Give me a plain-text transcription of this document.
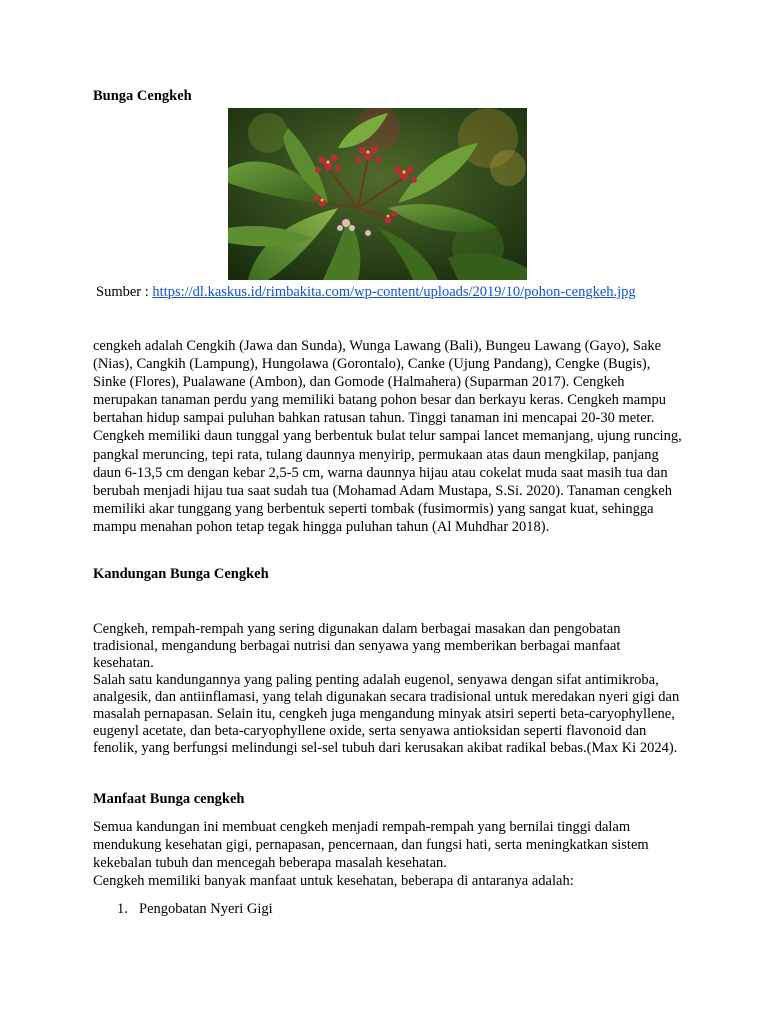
Bunga Cengkeh
Sumber : https://dl.kaskus.id/rimbakita.com/wp-content/uploads/2019/10/pohon-cengkeh.jpg

cengkeh adalah Cengkih (Jawa dan Sunda), Wunga Lawang (Bali), Bungeu Lawang (Gayo), Sake (Nias), Cangkih (Lampung), Hungolawa (Gorontalo), Canke (Ujung Pandang), Cengke (Bugis), Sinke (Flores), Pualawane (Ambon), dan Gomode (Halmahera) (Suparman 2017). Cengkeh merupakan tanaman perdu yang memiliki batang pohon besar dan berkayu keras. Cengkeh mampu bertahan hidup sampai puluhan bahkan ratusan tahun. Tinggi tanaman ini mencapai 20-30 meter. Cengkeh memiliki daun tunggal yang berbentuk bulat telur sampai lancet memanjang, ujung runcing, pangkal meruncing, tepi rata, tulang daunnya menyirip, permukaan atas daun mengkilap, panjang daun 6-13,5 cm dengan kebar 2,5-5 cm, warna daunnya hijau atau cokelat muda saat masih tua dan berubah menjadi hijau tua saat sudah tua (Mohamad Adam Mustapa, S.Si. 2020). Tanaman cengkeh memiliki akar tunggang yang berbentuk seperti tombak (fusimormis) yang sangat kuat, sehingga mampu menahan pohon tetap tegak hingga puluhan tahun (Al Muhdhar 2018).

Kandungan Bunga Cengkeh

Cengkeh, rempah-rempah yang sering digunakan dalam berbagai masakan dan pengobatan tradisional, mengandung berbagai nutrisi dan senyawa yang memberikan berbagai manfaat kesehatan.

Salah satu kandungannya yang paling penting adalah eugenol, senyawa dengan sifat antimikroba, analgesik, dan antiinflamasi, yang telah digunakan secara tradisional untuk meredakan nyeri gigi dan masalah pernapasan. Selain itu, cengkeh juga mengandung minyak atsiri seperti beta-caryophyllene, eugenyl acetate, dan beta-caryophyllene oxide, serta senyawa antioksidan seperti flavonoid dan fenolik, yang berfungsi melindungi sel-sel tubuh dari kerusakan akibat radikal bebas.(Max Ki 2024).

Manfaat Bunga cengkeh

Semua kandungan ini membuat cengkeh menjadi rempah-rempah yang bernilai tinggi dalam mendukung kesehatan gigi, pernapasan, pencernaan, dan fungsi hati, serta meningkatkan sistem kekebalan tubuh dan mencegah beberapa masalah kesehatan.

Cengkeh memiliki banyak manfaat untuk kesehatan, beberapa di antaranya adalah:

1. Pengobatan Nyeri Gigi
